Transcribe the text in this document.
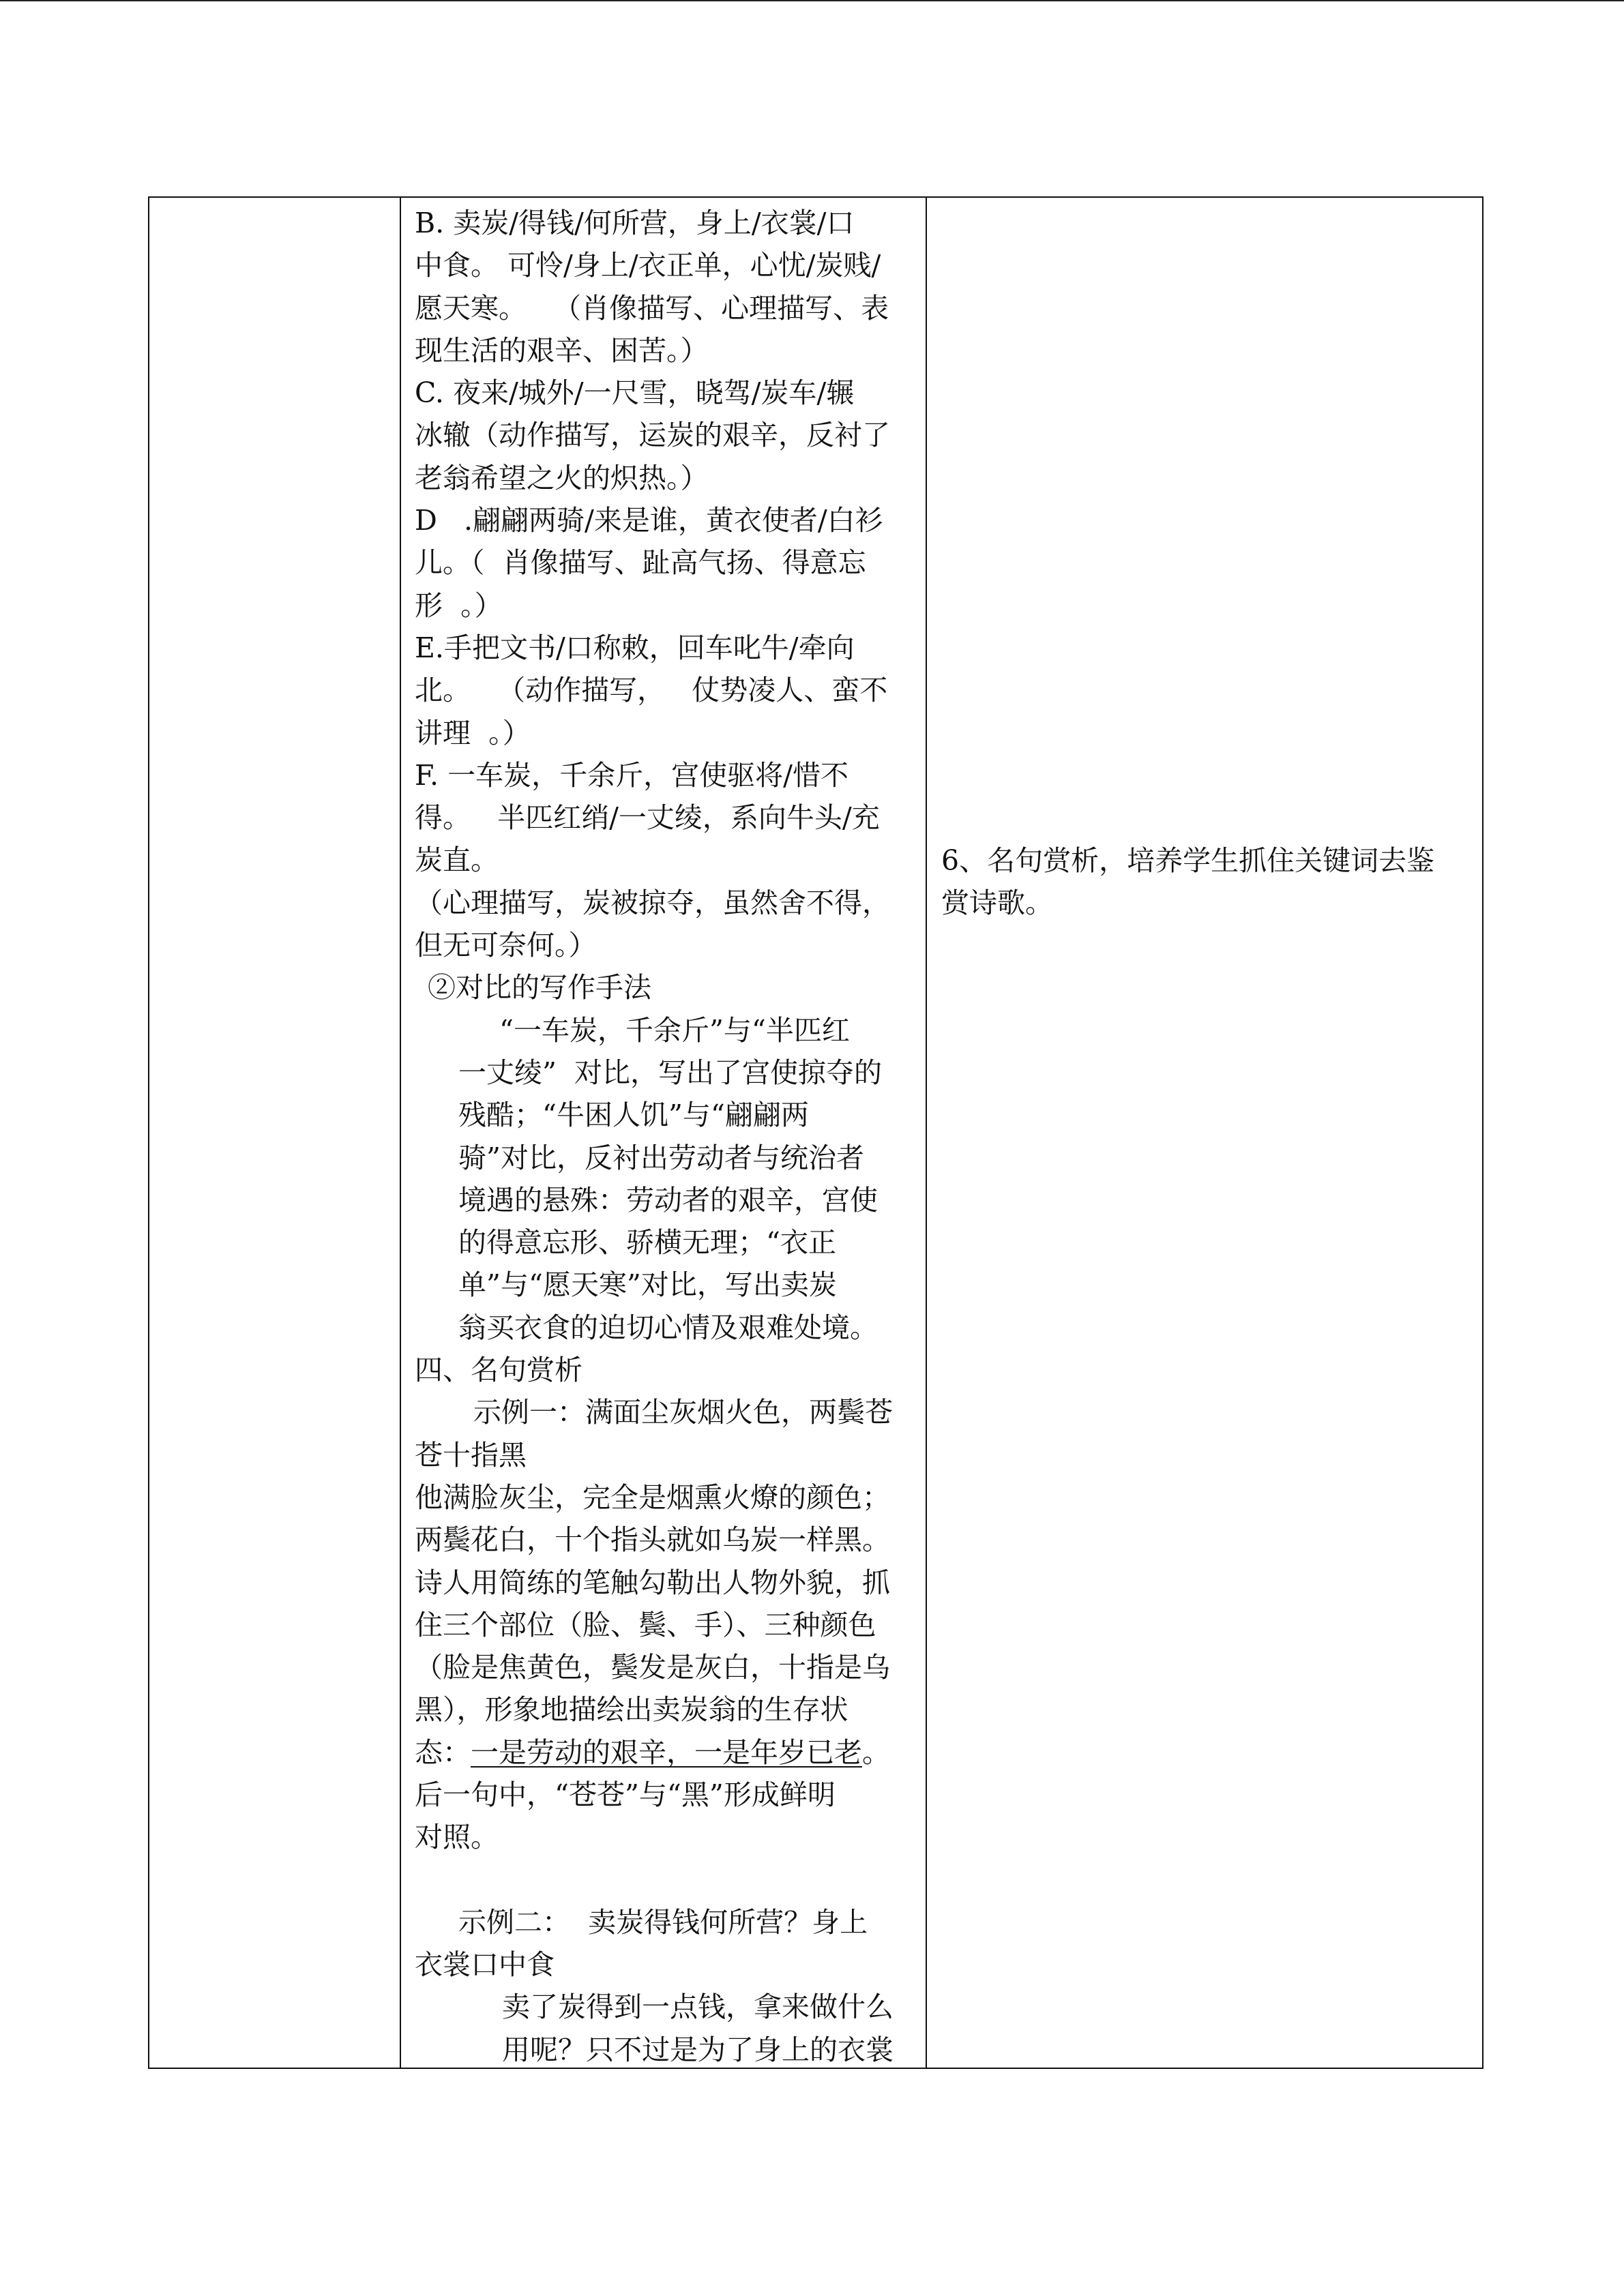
B. 卖炭/得钱/何所营，身上/衣裳/口
中食。 可怜/身上/衣正单，心忧/炭贱/
愿天寒。   （肖像描写、心理描写、表
现生活的艰辛、困苦。）
C. 夜来/城外/一尺雪，晓驾/炭车/辗
冰辙（动作描写，运炭的艰辛，反衬了
老翁希望之火的炽热。）
D   .翩翩两骑/来是谁，黄衣使者/白衫
儿。（  肖像描写、趾高气扬、得意忘
形  。）
E.手把文书/口称敕，回车叱牛/牵向
北。   （动作描写，   仗势凌人、蛮不
讲理  。）
F. 一车炭，千余斤，宫使驱将/惜不
得。   半匹红绡/一丈绫，系向牛头/充
炭直。
（心理描写，炭被掠夺，虽然舍不得，
但无可奈何。）
②对比的写作手法
“一车炭，千余斤”与“半匹红
一丈绫”  对比，写出了宫使掠夺的
残酷；“牛困人饥”与“翩翩两
骑”对比，反衬出劳动者与统治者
境遇的悬殊：劳动者的艰辛，宫使
的得意忘形、骄横无理；“衣正
单”与“愿天寒”对比，写出卖炭
翁买衣食的迫切心情及艰难处境。
四、名句赏析
示例一：满面尘灰烟火色，两鬓苍
苍十指黑
他满脸灰尘，完全是烟熏火燎的颜色；
两鬓花白，十个指头就如乌炭一样黑。
诗人用简练的笔触勾勒出人物外貌，抓
住三个部位（脸、鬓、手）、三种颜色
（脸是焦黄色，鬓发是灰白，十指是乌
黑），形象地描绘出卖炭翁的生存状
态：一是劳动的艰辛，一是年岁已老。
后一句中，“苍苍”与“黑”形成鲜明
对照。
示例二：  卖炭得钱何所营？身上
衣裳口中食
卖了炭得到一点钱，拿来做什么
用呢？只不过是为了身上的衣裳
6、名句赏析，培养学生抓住关键词去鉴
赏诗歌。
